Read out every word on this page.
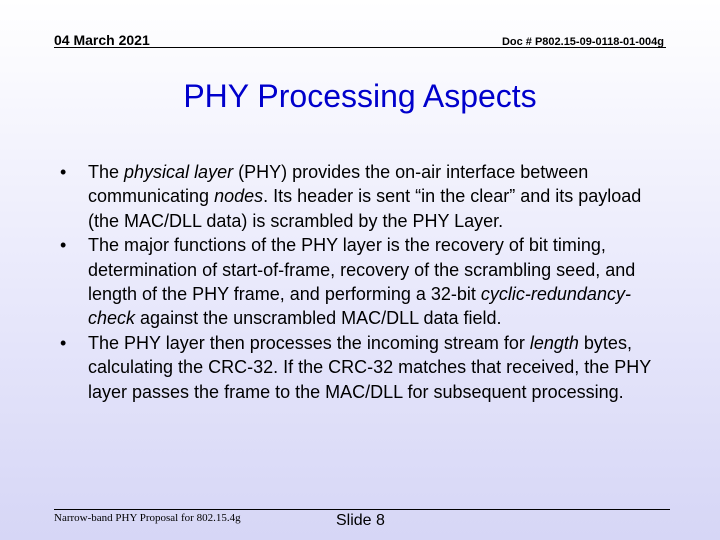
04 March 2021	Doc # P802.15-09-0118-01-004g
PHY Processing Aspects
• The physical layer (PHY) provides the on-air interface between communicating nodes. Its header is sent “in the clear” and its payload (the MAC/DLL data) is scrambled by the PHY Layer.
• The major functions of the PHY layer is the recovery of bit timing, determination of start-of-frame, recovery of the scrambling seed, and length of the PHY frame, and performing a 32-bit cyclic-redundancy-check against the unscrambled MAC/DLL data field.
• The PHY layer then processes the incoming stream for length bytes, calculating the CRC-32. If the CRC-32 matches that received, the PHY layer passes the frame to the MAC/DLL for subsequent processing.
Narrow-band PHY Proposal for 802.15.4g	Slide 8
